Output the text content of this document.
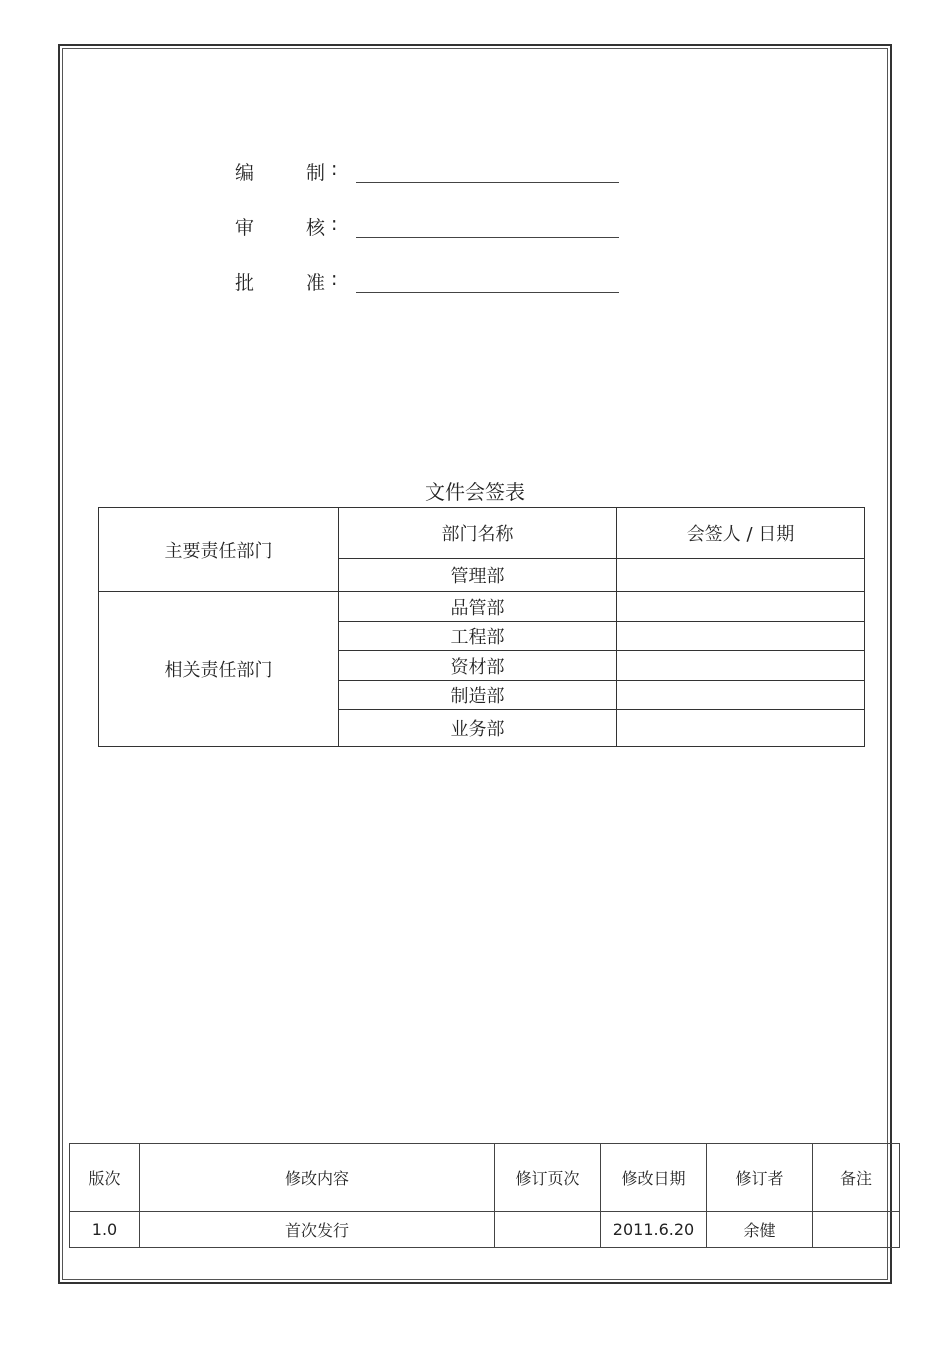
编	制 :
审	核 :
批	准 :
文件会签表
主要责任部门	部门名称	会签人 / 日期
	管理部	
相关责任部门	品管部	
	工程部	
	资材部	
	制造部	
	业务部	
版次	修改内容	修订页次	修改日期	修订者	备注
1.0	首次发行		2011.6.20	余健	
